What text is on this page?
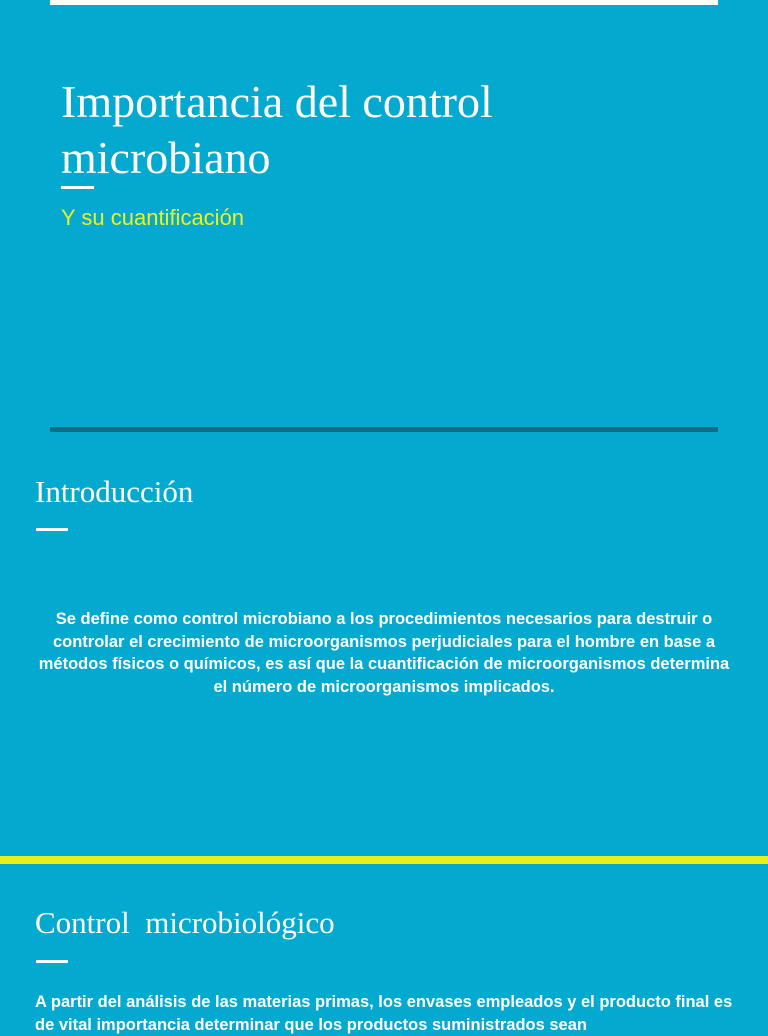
Importancia del control microbiano
Y su cuantificación
Introducción

Se define como control microbiano a los procedimientos necesarios para destruir o controlar el crecimiento de microorganismos perjudiciales para el hombre en base a métodos físicos o químicos, es así que la cuantificación de microorganismos determina el número de microorganismos implicados.

Control  microbiológico

A partir del análisis de las materias primas, los envases empleados y el producto final es de vital importancia determinar que los productos suministrados sean
